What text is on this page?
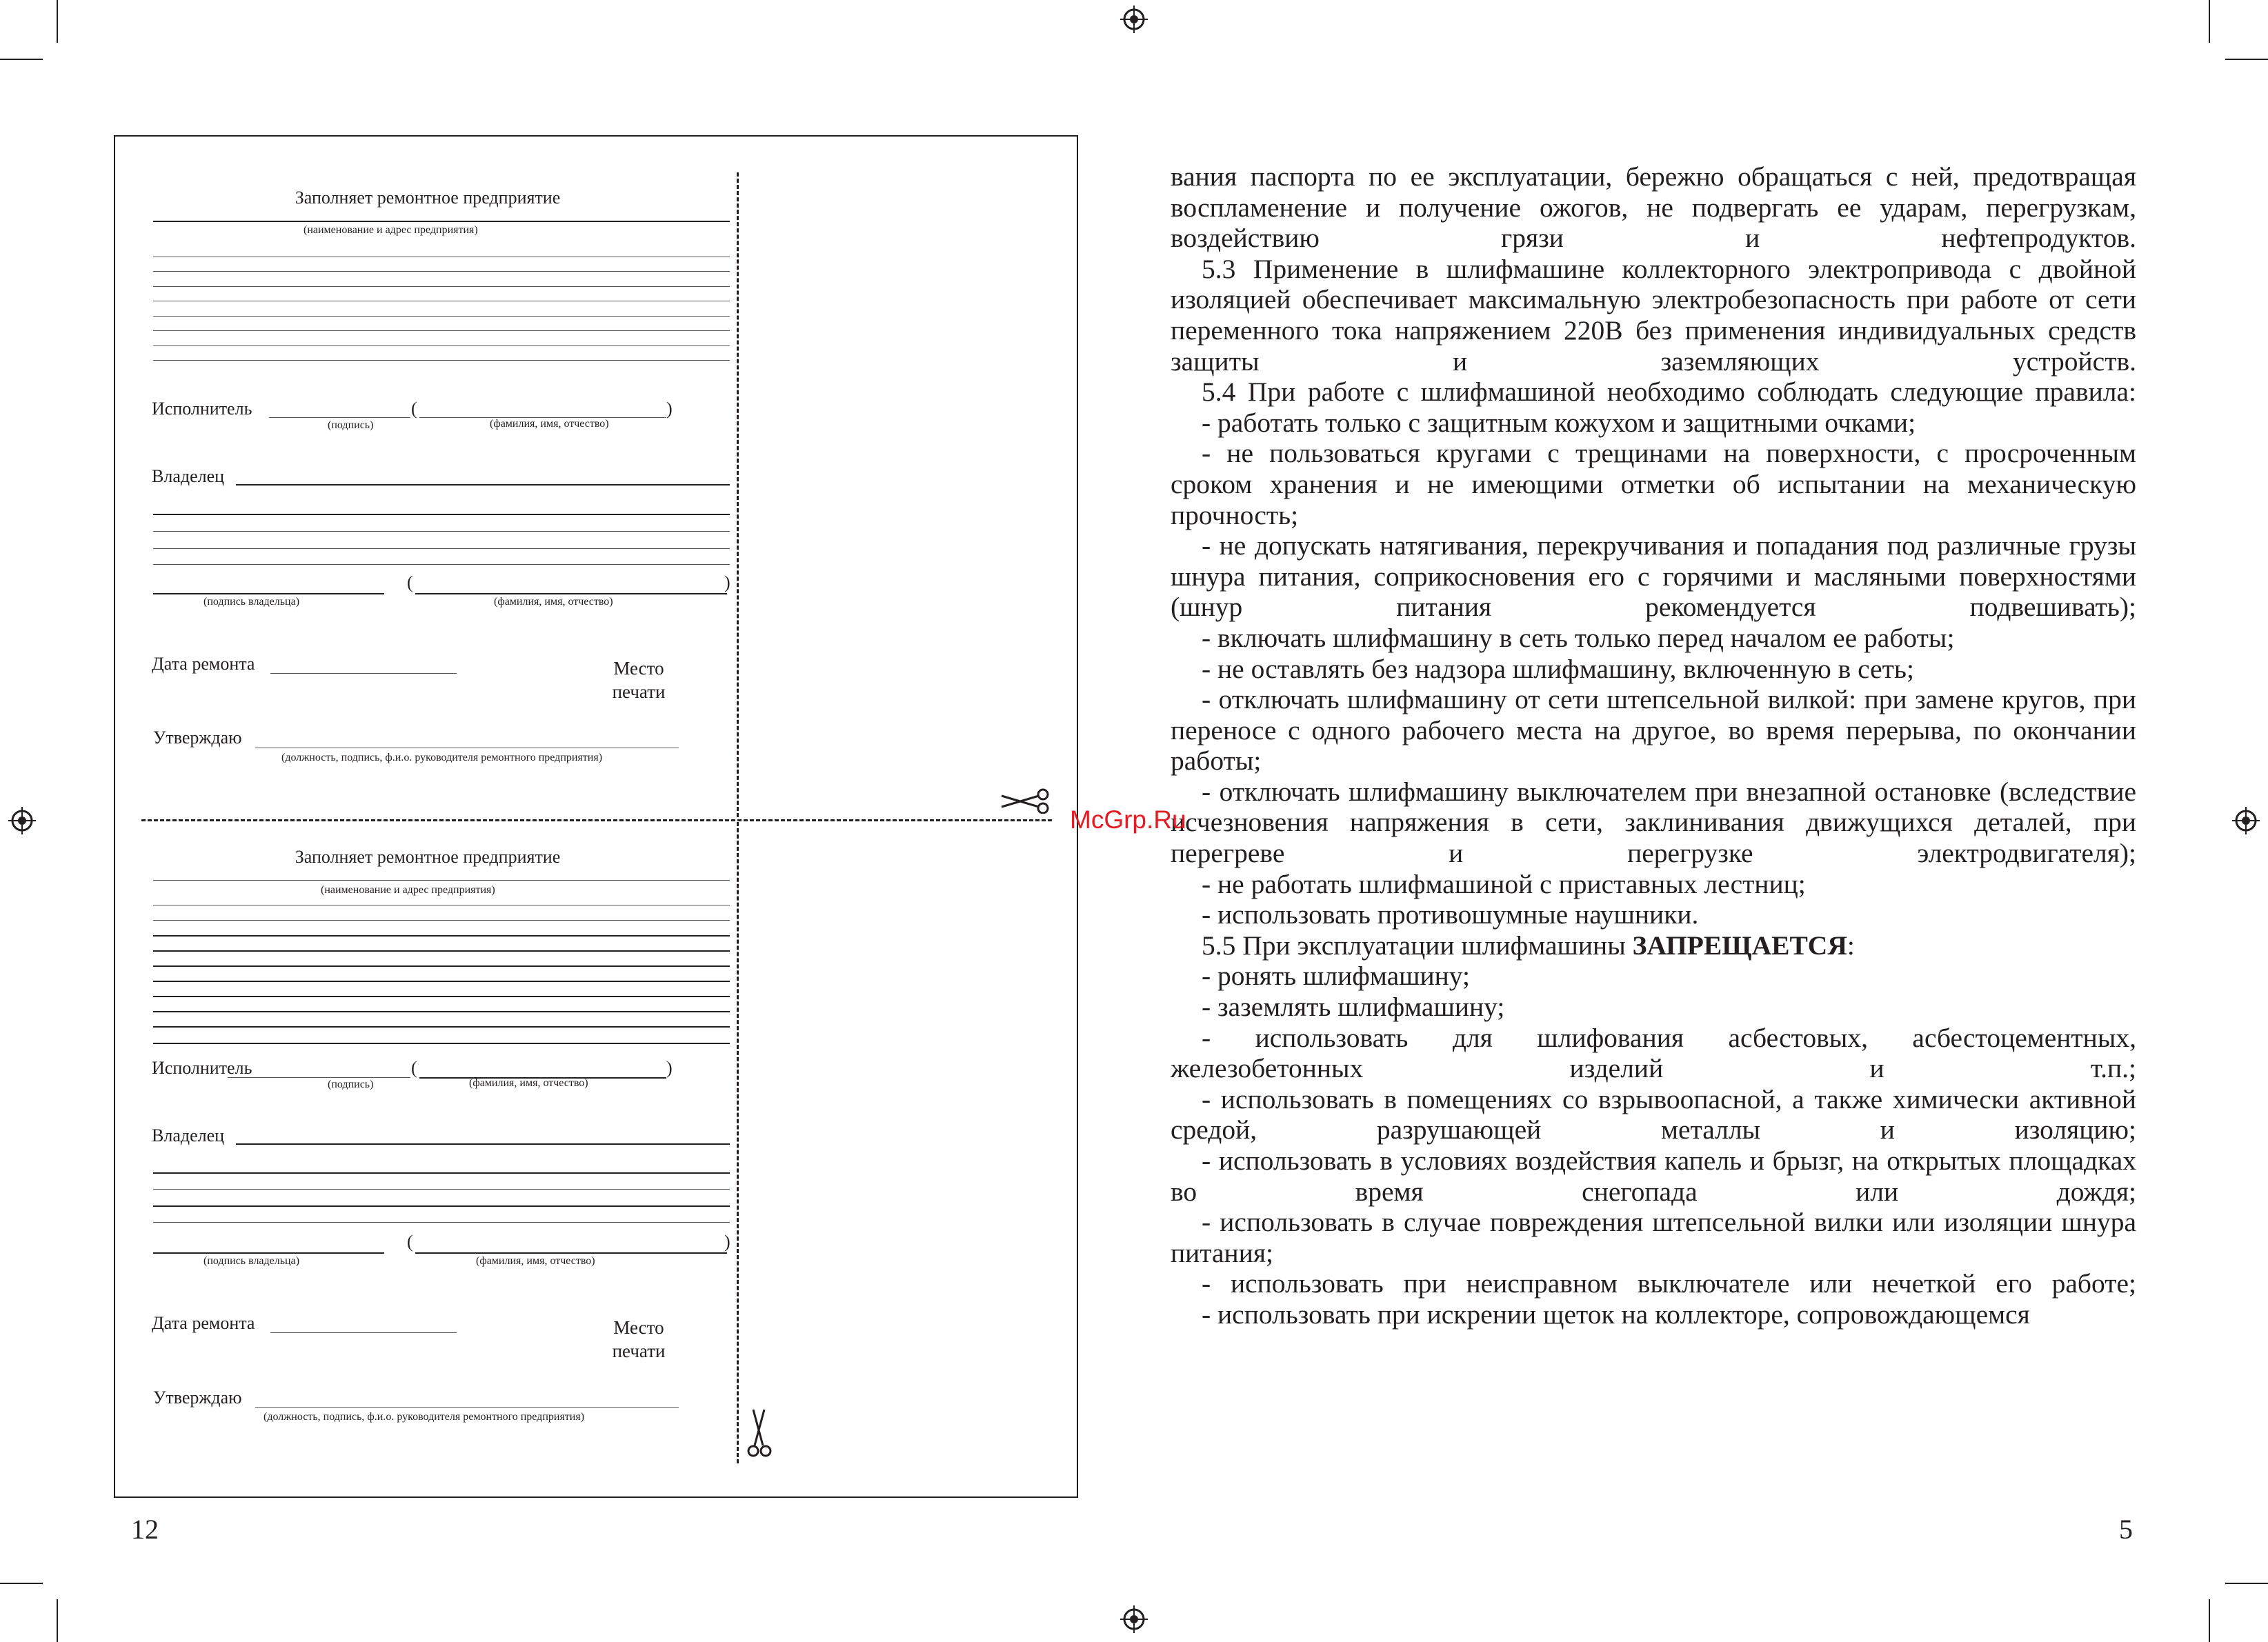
Заполняет ремонтное предприятие
(наименование и адрес предприятия)
Исполнитель	(	)
(подпись)	(фамилия, имя, отчество)
Владелец
(	)
(подпись владельца)	(фамилия, имя, отчество)
Дата ремонта	Место
печати
Утверждаю
(должность, подпись, ф.и.о. руководителя ремонтного предприятия)
Заполняет ремонтное предприятие
(наименование и адрес предприятия)
Исполнитель	(	)
(подпись)	(фамилия, имя, отчество)
Владелец
(	)
(подпись владельца)	(фамилия, имя, отчество)
Дата ремонта	Место
печати
Утверждаю
(должность, подпись, ф.и.о. руководителя ремонтного предприятия)
12	5
вания паспорта по ее эксплуатации, бережно обращаться с ней, предотвращая воспламенение и получение ожогов, не подвергать ее ударам, перегрузкам, воздействию грязи и нефтепродуктов.
5.3 Применение в шлифмашине коллекторного электропривода с двойной изоляцией обеспечивает максимальную электробезопасность при работе от сети переменного тока напряжением 220В без применения индивидуальных средств защиты и заземляющих устройств.
5.4 При работе с шлифмашиной необходимо соблюдать следующие правила:
- работать только с защитным кожухом и защитными очками;
- не пользоваться кругами с трещинами на поверхности, с просроченным сроком хранения и не имеющими отметки об испытании на механическую прочность;
- не допускать натягивания, перекручивания и попадания под различные грузы шнура питания, соприкосновения его с горячими и масляными поверхностями (шнур питания рекомендуется подвешивать);
- включать шлифмашину в сеть только перед началом ее работы;
- не оставлять без надзора шлифмашину, включенную в сеть;
- отключать шлифмашину от сети штепсельной вилкой: при замене кругов, при переносе с одного рабочего места на другое, во время перерыва, по окончании работы;
- отключать шлифмашину выключателем при внезапной остановке (вследствие исчезновения напряжения в сети, заклинивания движущихся деталей, при перегреве и перегрузке электродвигателя);
- не работать шлифмашиной с приставных лестниц;
- использовать противошумные наушники.
5.5 При эксплуатации шлифмашины ЗАПРЕЩАЕТСЯ:
- ронять шлифмашину;
- заземлять шлифмашину;
- использовать для шлифования асбестовых, асбестоцементных, железобетонных изделий и т.п.;
- использовать в помещениях со взрывоопасной, а также химически активной средой, разрушающей металлы и изоляцию;
- использовать в условиях воздействия капель и брызг, на открытых площадках во время снегопада или дождя;
- использовать в случае повреждения штепсельной вилки или изоляции шнура питания;
- использовать при неисправном выключателе или нечеткой его работе;
- использовать при искрении щеток на коллекторе, сопровождающемся
McGrp.Ru
